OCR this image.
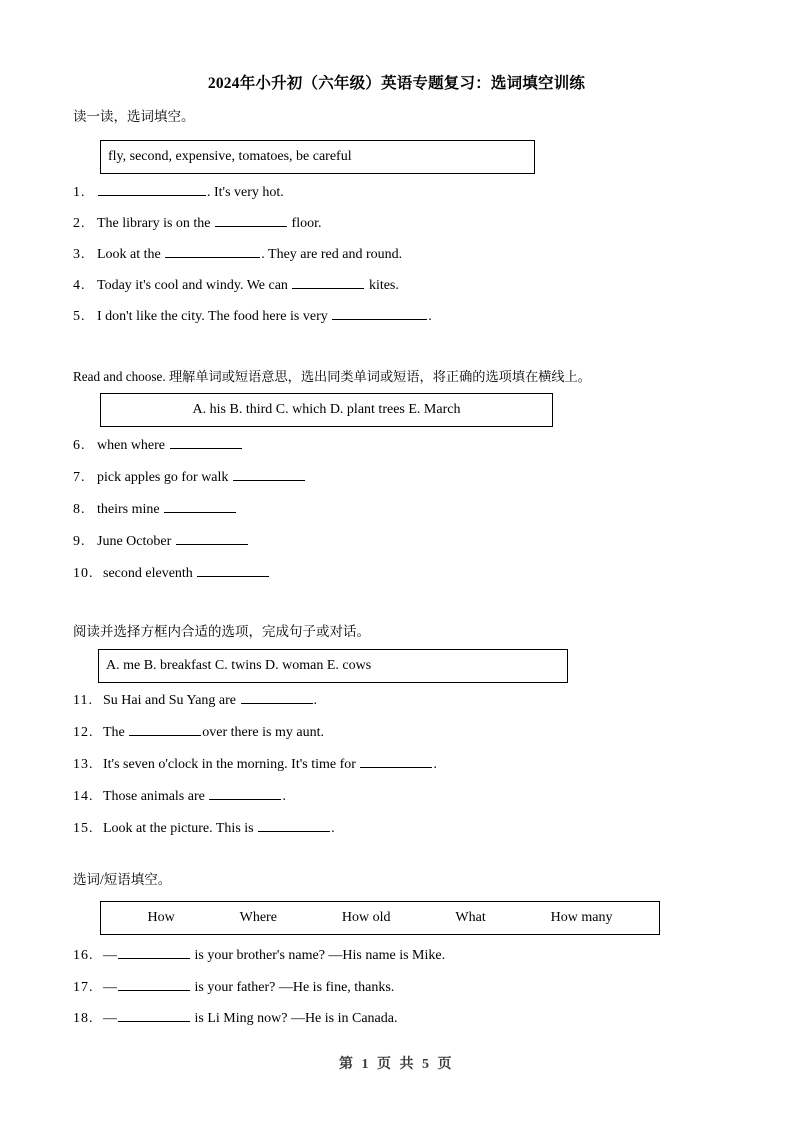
2024年小升初（六年级）英语专题复习：选词填空训练
读一读，选词填空。
fly, second, expensive, tomatoes, be careful
1.	. It's very hot.
2. The library is on the	floor.
3. Look at the	. They are red and round.
4. Today it's cool and windy. We can	kites.
5. I don't like the city. The food here is very	.
Read and choose. 理解单词或短语意思，选出同类单词或短语，将正确的选项填在横线上。
A. his B. third C. which D. plant trees E. March
6. when where
7. pick apples go for walk
8. theirs mine
9. June October
10. second eleventh
阅读并选择方框内合适的选项，完成句子或对话。
A. me B. breakfast C. twins D. woman E. cows
11. Su Hai and Su Yang are	.
12. The	over there is my aunt.
13. It's seven o'clock in the morning. It's time for	.
14. Those animals are	.
15. Look at the picture. This is	.
选词/短语填空。
How	Where	How old	What	How many
16. —	is your brother's name? —His name is Mike.
17. —	is your father? —He is fine, thanks.
18. —	is Li Ming now? —He is in Canada.
第 1 页 共 5 页
